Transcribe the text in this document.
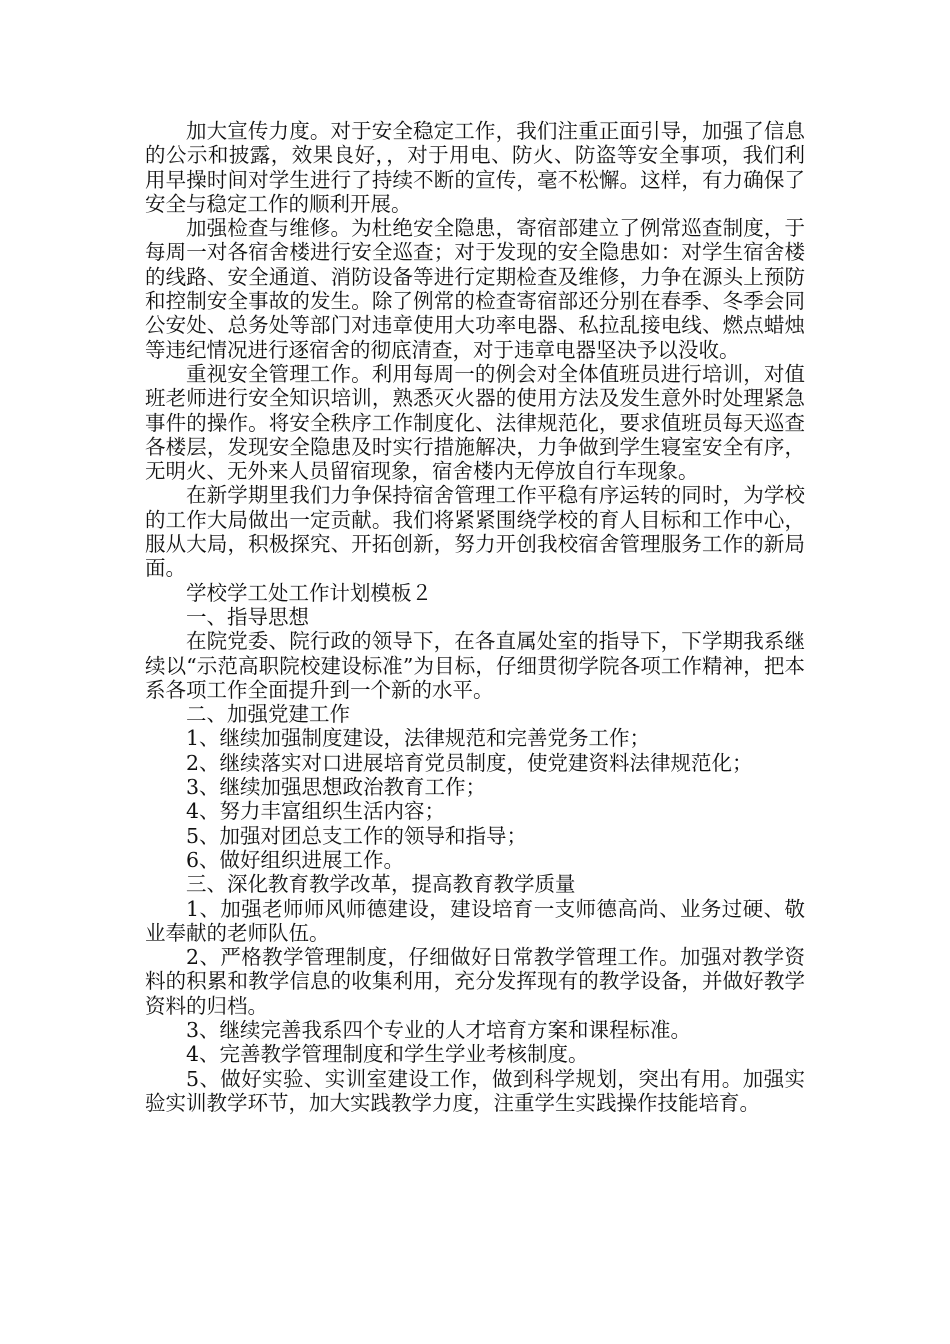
加大宣传力度。对于安全稳定工作，我们注重正面引导，加强了信息的公示和披露，效果良好，，对于用电、防火、防盗等安全事项，我们利用早操时间对学生进行了持续不断的宣传，毫不松懈。这样，有力确保了安全与稳定工作的顺利开展。

加强检查与维修。为杜绝安全隐患，寄宿部建立了例常巡查制度，于每周一对各宿舍楼进行安全巡查；对于发现的安全隐患如：对学生宿舍楼的线路、安全通道、消防设备等进行定期检查及维修，力争在源头上预防和控制安全事故的发生。除了例常的检查寄宿部还分别在春季、冬季会同公安处、总务处等部门对违章使用大功率电器、私拉乱接电线、燃点蜡烛等违纪情况进行逐宿舍的彻底清查，对于违章电器坚决予以没收。

重视安全管理工作。利用每周一的例会对全体值班员进行培训，对值班老师进行安全知识培训，熟悉灭火器的使用方法及发生意外时处理紧急事件的操作。将安全秩序工作制度化、法律规范化，要求值班员每天巡查各楼层，发现安全隐患及时实行措施解决，力争做到学生寝室安全有序，无明火、无外来人员留宿现象，宿舍楼内无停放自行车现象。

在新学期里我们力争保持宿舍管理工作平稳有序运转的同时，为学校的工作大局做出一定贡献。我们将紧紧围绕学校的育人目标和工作中心，服从大局，积极探究、开拓创新，努力开创我校宿舍管理服务工作的新局面。

学校学工处工作计划模板２

一、指导思想

在院党委、院行政的领导下，在各直属处室的指导下，下学期我系继续以“示范高职院校建设标准”为目标，仔细贯彻学院各项工作精神，把本系各项工作全面提升到一个新的水平。

二、加强党建工作

1、继续加强制度建设，法律规范和完善党务工作；

2、继续落实对口进展培育党员制度，使党建资料法律规范化；

3、继续加强思想政治教育工作；

4、努力丰富组织生活内容；

5、加强对团总支工作的领导和指导；

6、做好组织进展工作。

三、深化教育教学改革，提高教育教学质量

1、加强老师师风师德建设，建设培育一支师德高尚、业务过硬、敬业奉献的老师队伍。

2、严格教学管理制度，仔细做好日常教学管理工作。加强对教学资料的积累和教学信息的收集利用，充分发挥现有的教学设备，并做好教学资料的归档。

3、继续完善我系四个专业的人才培育方案和课程标准。

4、完善教学管理制度和学生学业考核制度。

5、做好实验、实训室建设工作，做到科学规划，突出有用。加强实验实训教学环节，加大实践教学力度，注重学生实践操作技能培育。
